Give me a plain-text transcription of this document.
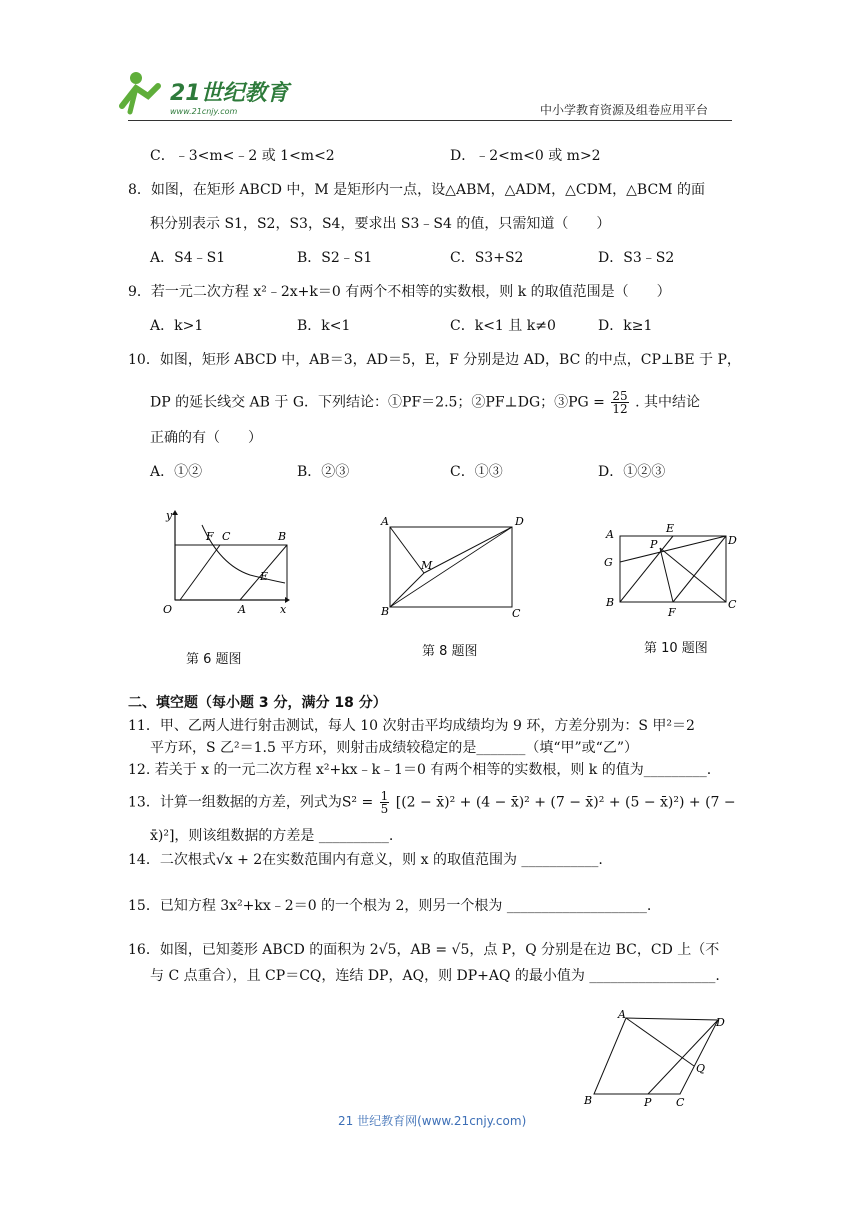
21世纪教育
www.21cnjy.com	中小学教育资源及组卷应用平台
C．﹣3<m<﹣2 或 1<m<2	D．﹣2<m<0 或 m>2
8．如图，在矩形 ABCD 中，M 是矩形内一点，设△ABM，△ADM，△CDM，△BCM 的面
积分别表示 S1，S2，S3，S4，要求出 S3﹣S4 的值，只需知道（　　）
A．S4﹣S1	B．S2﹣S1	C．S3+S2	D．S3﹣S2
9．若一元二次方程 x²﹣2x+k＝0 有两个不相等的实数根，则 k 的取值范围是（　　）
A．k>1	B．k<1	C．k<1 且 k≠0	D．k≥1
10．如图，矩形 ABCD 中，AB＝3，AD＝5，E，F 分别是边 AD，BC 的中点，CP⊥BE 于 P，
DP 的延长线交 AB 于 G．下列结论：①PF＝2.5；②PF⊥DG；③PG = $\frac{25}{12}$ . 其中结论
正确的有（　　）
A．①②	B．②③	C．①③	D．①②③
y
x
O	A
B
C
F
E
第 6 题图
A	D
B	C
M
第 8 题图
A	D
B	C
E
F
P
G
第 10 题图
二、填空题（每小题 3 分，满分 18 分）
11．甲、乙两人进行射击测试，每人 10 次射击平均成绩均为 9 环，方差分别为：S 甲²＝2
平方环，S 乙²＝1.5 平方环，则射击成绩较稳定的是_______（填“甲”或“乙”）
12. 若关于 x 的一元二次方程 x²+kx﹣k﹣1＝0 有两个相等的实数根，则 k 的值为_________.
13．计算一组数据的方差，列式为$S^2 = \frac{1}{5} [(2$ − x̄)² + (4 − x̄)² + (7 − x̄)² + (5 − x̄)²) + (7 −
x̄)²]，则该组数据的方差是 __________.
14．二次根式√x + 2在实数范围内有意义，则 x 的取值范围为 ___________.
15．已知方程 3x²+kx﹣2＝0 的一个根为 2，则另一个根为 ____________________.
16．如图，已知菱形 ABCD 的面积为 2√5，AB = √5，点 P，Q 分别是在边 BC，CD 上（不
与 C 点重合），且 CP＝CQ，连结 DP，AQ，则 DP+AQ 的最小值为 __________________.
A
D
B	P C
Q
21 世纪教育网(www.21cnjy.com)
